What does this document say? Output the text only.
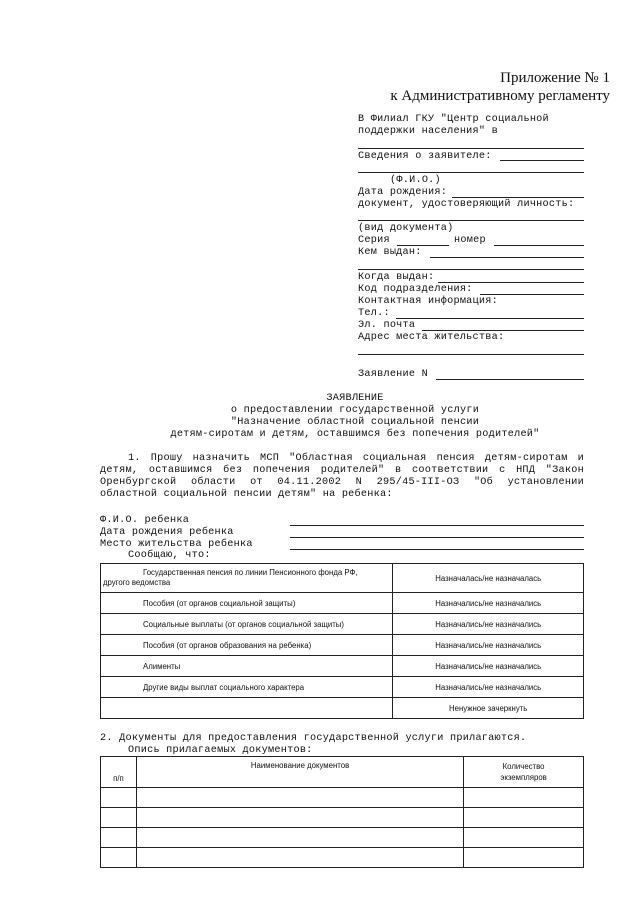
Приложение № 1
к Административному регламенту
В Филиал ГКУ "Центр социальной
поддержки населения" в
Сведения о заявителе:
(Ф.И.О.)
Дата рождения:
документ, удостоверяющий личность:
(вид документа)
Серия	номер
Кем выдан:
Когда выдан:
Код подразделения:
Контактная информация:
Тел.:
Эл. почта
Адрес места жительства:
Заявление N
ЗАЯВЛЕНИЕ
о предоставлении государственной услуги
"Назначение областной социальной пенсии
детям-сиротам и детям, оставшимся без попечения родителей"
1. Прошу назначить МСП "Областная социальная пенсия детям-сиротам и
детям, оставшимся без попечения родителей" в соответствии с НПД "Закон
Оренбургской области от 04.11.2002 N 295/45-III-ОЗ "Об установлении
областной социальной пенсии детям" на ребенка:
Ф.И.О. ребенка
Дата рождения ребенка
Место жительства ребенка
Сообщаю, что:
Государственная пенсия по линии Пенсионного фонда РФ,
другого ведомства	Назначалась/не назначалась
Пособия (от органов социальной защиты)	Назначались/не назначались
Социальные выплаты (от органов социальной защиты)	Назначались/не назначались
Пособия (от органов образования на ребенка)	Назначались/не назначались
Алименты	Назначались/не назначались
Другие виды выплат социального характера	Назначались/не назначались
	Ненужное зачеркнуть
2. Документы для предоставления государственной услуги прилагаются.
Опись прилагаемых документов:
п/п	Наименование документов	Количество
экземпляров
